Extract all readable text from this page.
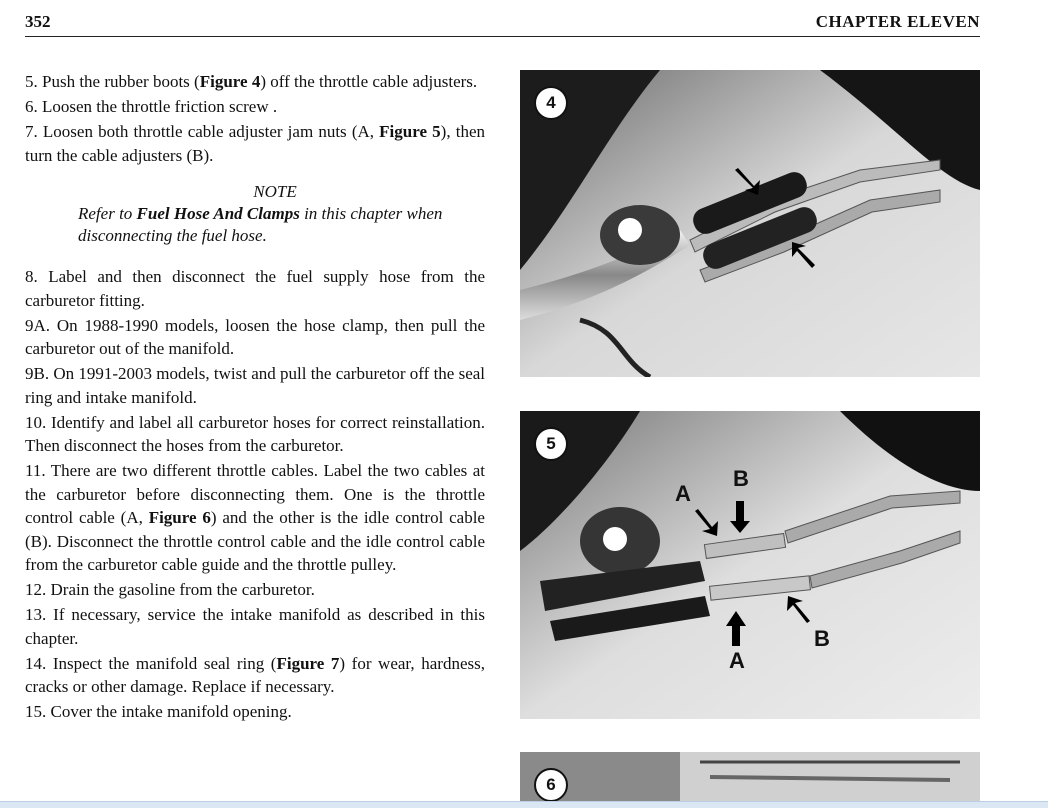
352	CHAPTER ELEVEN

5. Push the rubber boots (Figure 4) off the throttle cable adjusters.

6. Loosen the throttle friction screw .

7. Loosen both throttle cable adjuster jam nuts (A, Figure 5), then turn the cable adjusters (B).

NOTE
Refer to Fuel Hose And Clamps in this chapter when disconnecting the fuel hose.

8. Label and then disconnect the fuel supply hose from the carburetor fitting.

9A. On 1988-1990 models, loosen the hose clamp, then pull the carburetor out of the manifold.

9B. On 1991-2003 models, twist and pull the carburetor off the seal ring and intake manifold.

10. Identify and label all carburetor hoses for correct reinstallation. Then disconnect the hoses from the carburetor.

11. There are two different throttle cables. Label the two cables at the carburetor before disconnecting them. One is the throttle control cable (A, Figure 6) and the other is the idle control cable (B). Disconnect the throttle control cable and the idle control cable from the carburetor cable guide and the throttle pulley.

12. Drain the gasoline from the carburetor.

13. If necessary, service the intake manifold as described in this chapter.

14. Inspect the manifold seal ring (Figure 7) for wear, hardness, cracks or other damage. Replace if necessary.

15. Cover the intake manifold opening.

4
5
A
B
A
B
6
